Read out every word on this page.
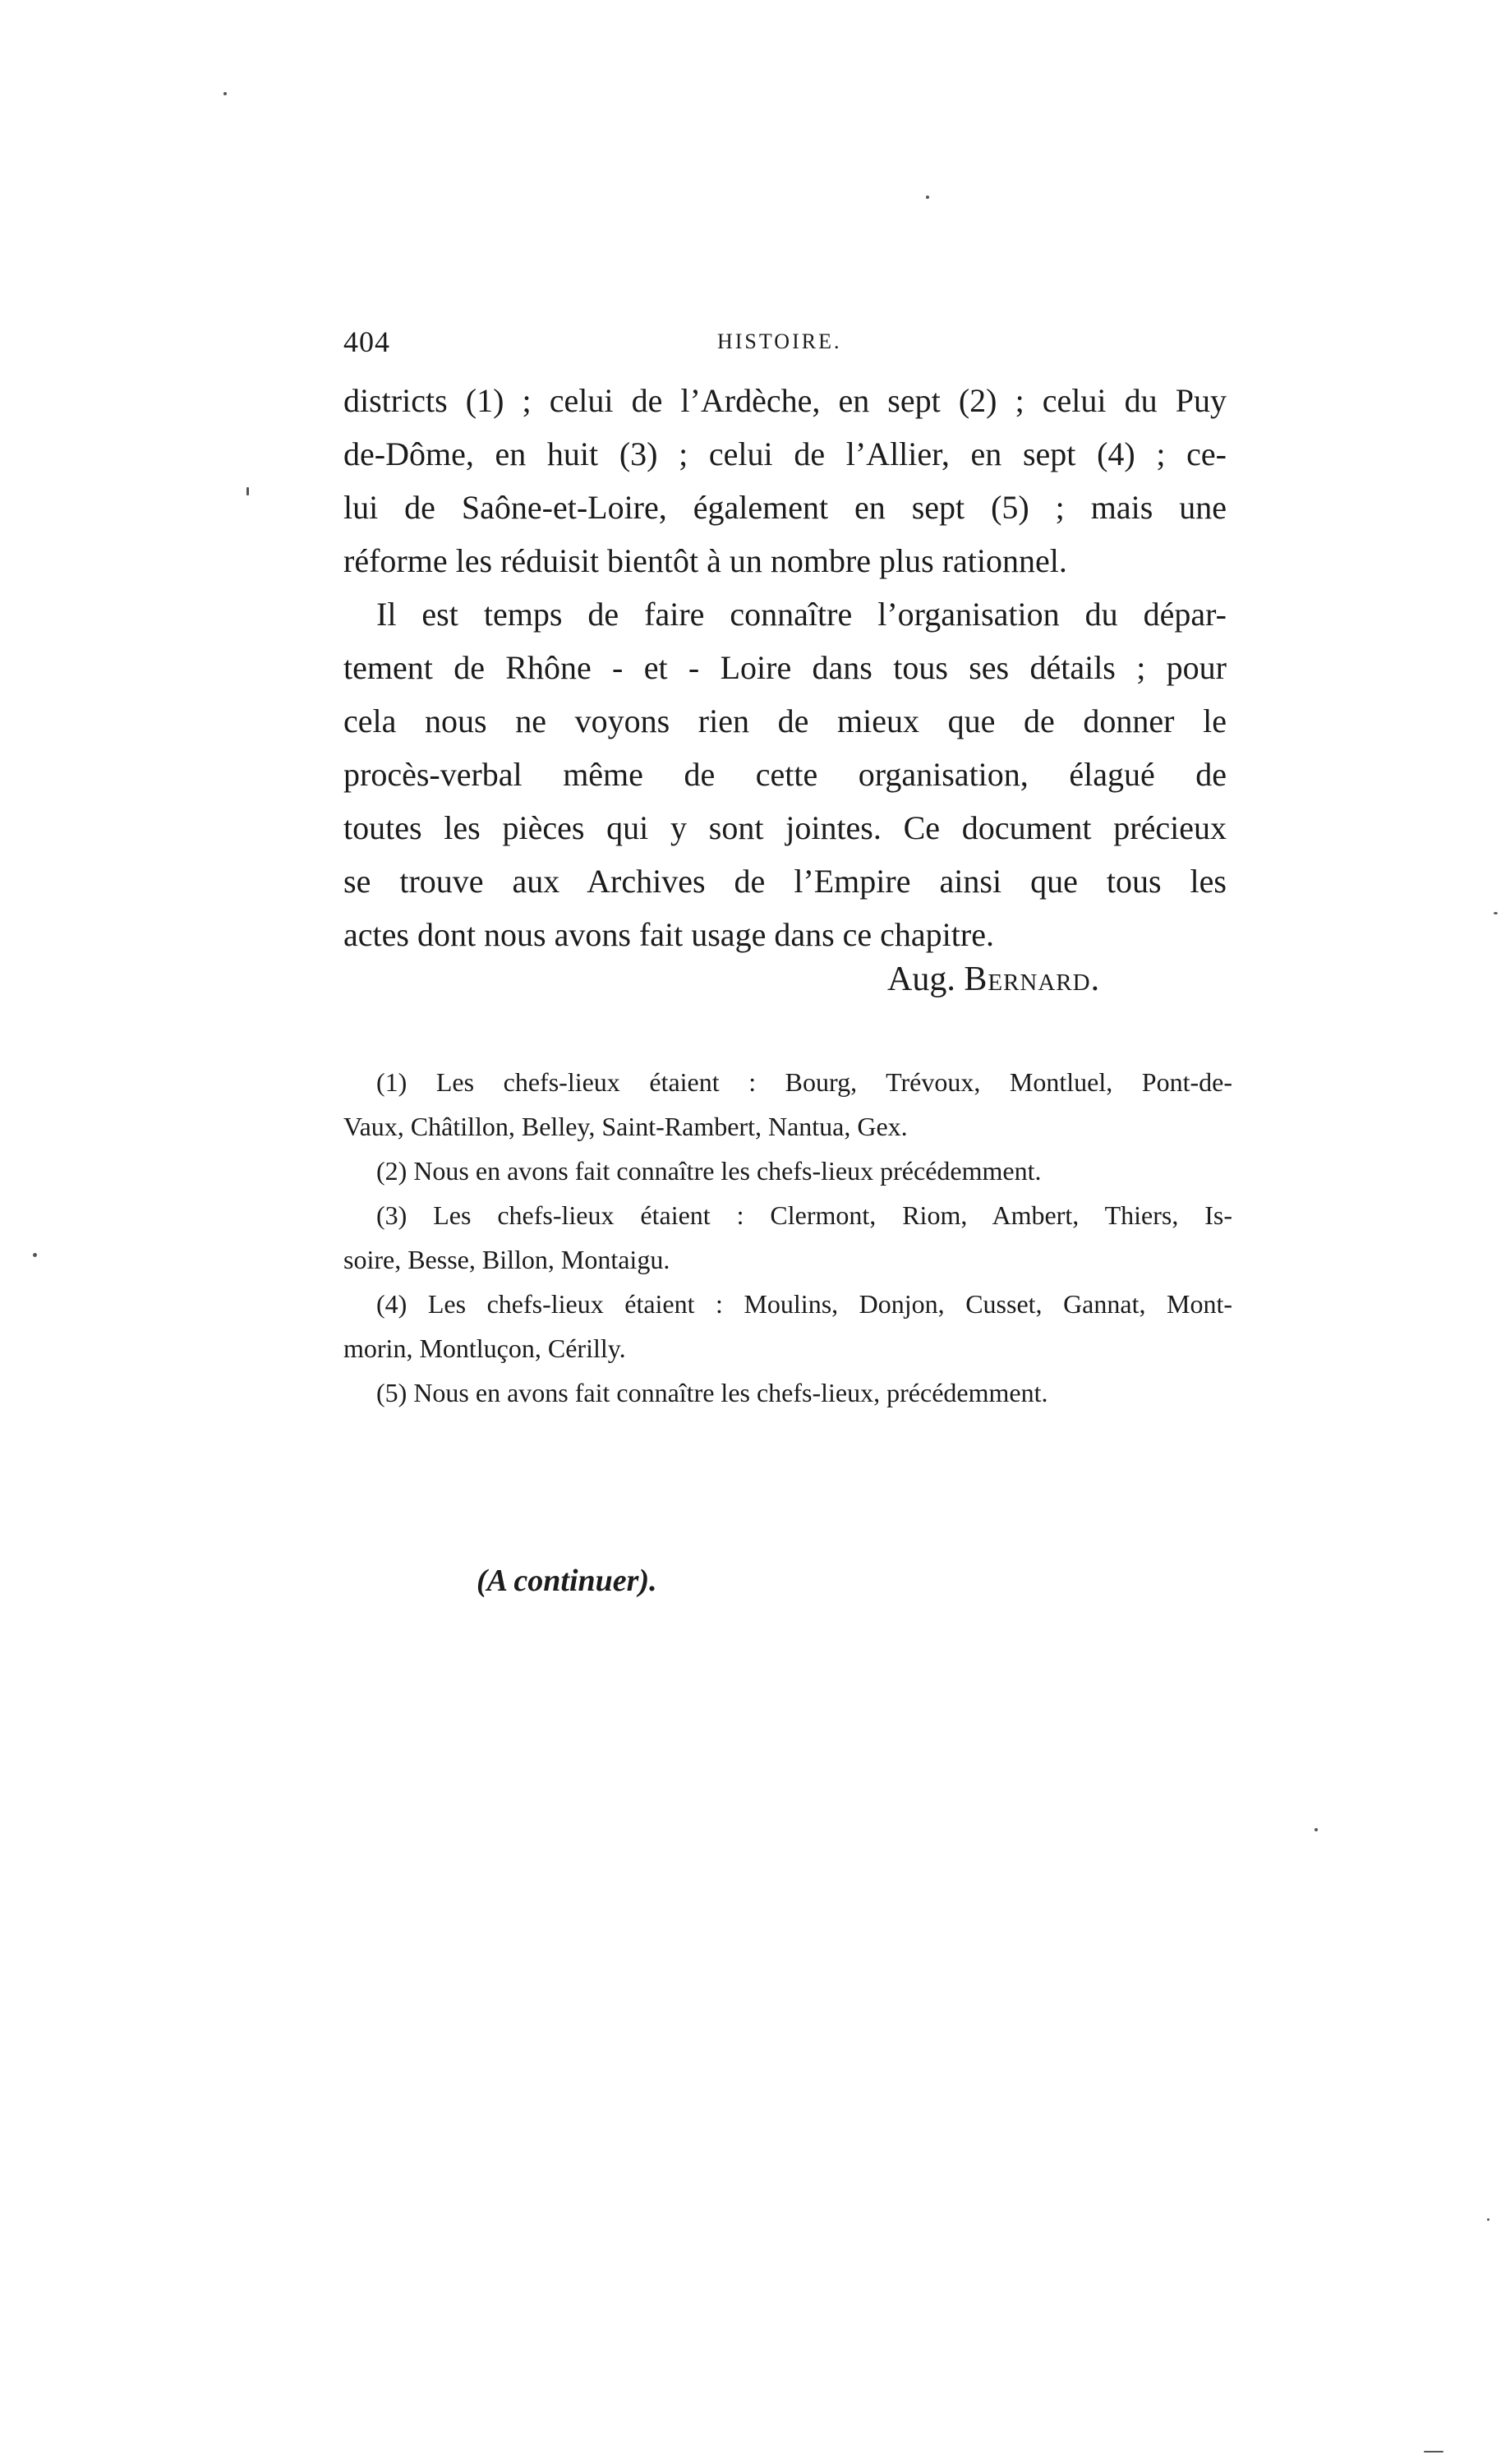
404	HISTOIRE.
districts (1) ; celui de l’Ardèche, en sept (2) ; celui du Puy
de-Dôme, en huit (3) ; celui de l’Allier, en sept (4) ; ce-
lui de Saône-et-Loire, également en sept (5) ; mais une
réforme les réduisit bientôt à un nombre plus rationnel.
Il est temps de faire connaître l’organisation du dépar-
tement de Rhône - et - Loire dans tous ses détails ; pour
cela nous ne voyons rien de mieux que de donner le
procès-verbal même de cette organisation, élagué de
toutes les pièces qui y sont jointes. Ce document précieux
se trouve aux Archives de l’Empire ainsi que tous les
actes dont nous avons fait usage dans ce chapitre.
Aug. Bernard.
(1) Les chefs-lieux étaient : Bourg, Trévoux, Montluel, Pont-de-
Vaux, Châtillon, Belley, Saint-Rambert, Nantua, Gex.
(2) Nous en avons fait connaître les chefs-lieux précédemment.
(3) Les chefs-lieux étaient : Clermont, Riom, Ambert, Thiers, Is-
soire, Besse, Billon, Montaigu.
(4) Les chefs-lieux étaient : Moulins, Donjon, Cusset, Gannat, Mont-
morin, Montluçon, Cérilly.
(5) Nous en avons fait connaître les chefs-lieux, précédemment.
(A continuer).
